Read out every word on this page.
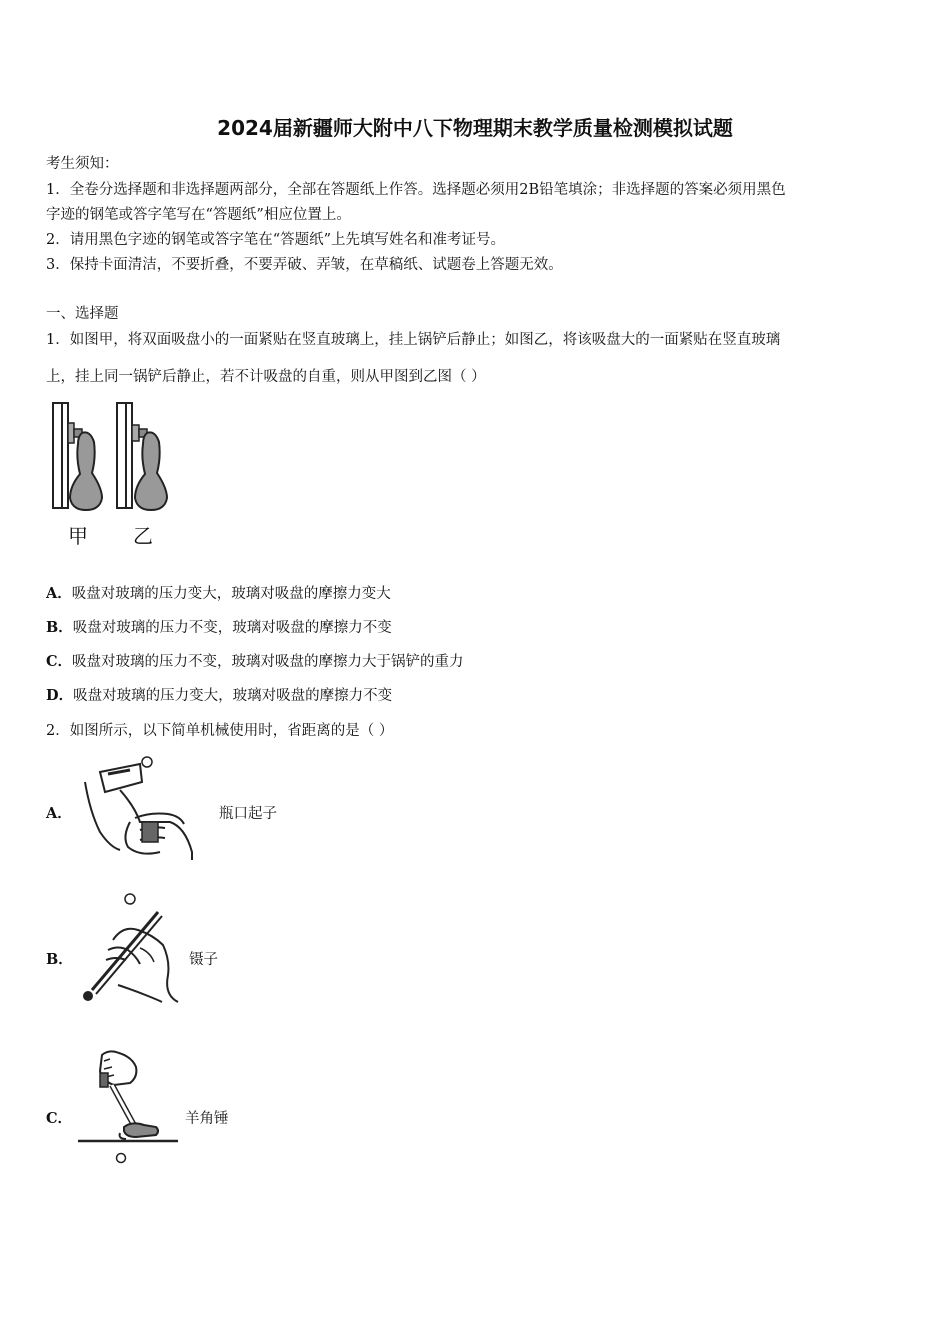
2024届新疆师大附中八下物理期末教学质量检测模拟试题
考生须知：
1．全卷分选择题和非选择题两部分，全部在答题纸上作答。选择题必须用2B铅笔填涂；非选择题的答案必须用黑色
字迹的钢笔或答字笔写在“答题纸”相应位置上。
2．请用黑色字迹的钢笔或答字笔在“答题纸”上先填写姓名和准考证号。
3．保持卡面清洁，不要折叠，不要弄破、弄皱，在草稿纸、试题卷上答题无效。
一、选择题
1．如图甲，将双面吸盘小的一面紧贴在竖直玻璃上，挂上锅铲后静止；如图乙，将该吸盘大的一面紧贴在竖直玻璃
上，挂上同一锅铲后静止，若不计吸盘的自重，则从甲图到乙图（ ）
甲 乙
A．吸盘对玻璃的压力变大，玻璃对吸盘的摩擦力变大
B．吸盘对玻璃的压力不变，玻璃对吸盘的摩擦力不变
C．吸盘对玻璃的压力不变，玻璃对吸盘的摩擦力大于锅铲的重力
D．吸盘对玻璃的压力变大，玻璃对吸盘的摩擦力不变
2．如图所示，以下简单机械使用时，省距离的是（ ）
A．	瓶口起子
B．	镊子
C．	羊角锤
